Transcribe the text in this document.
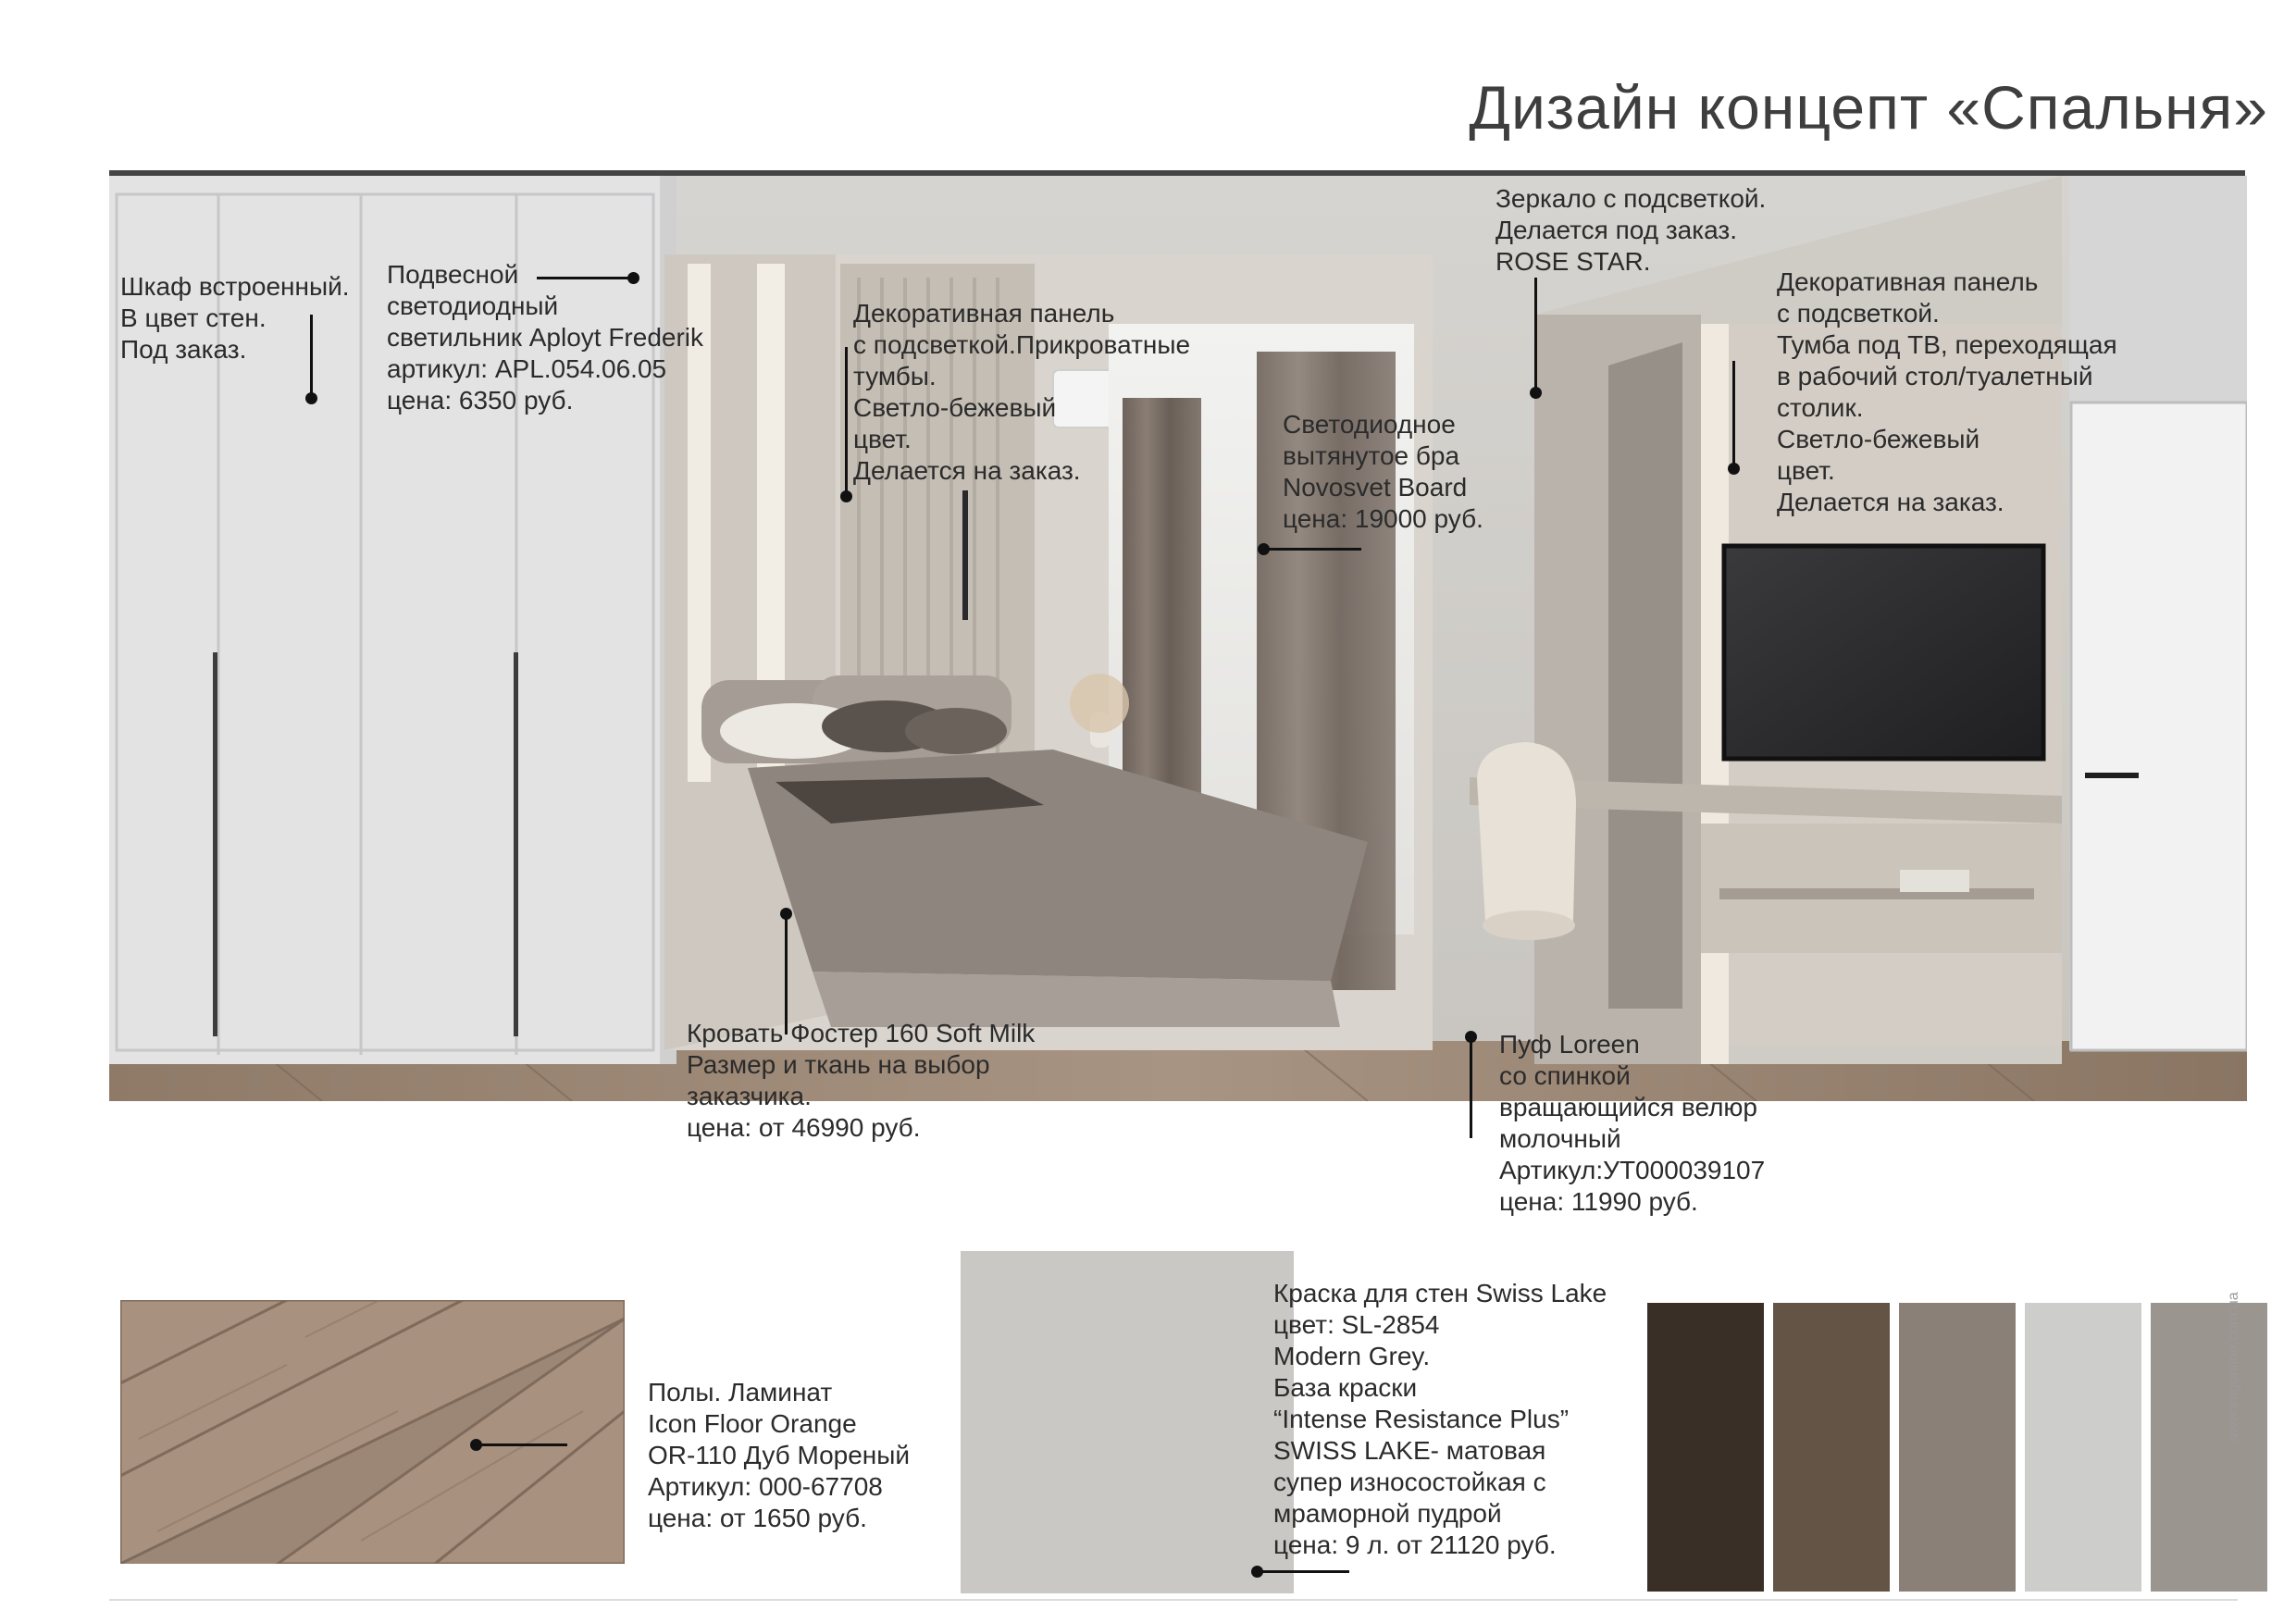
Дизайн концепт «Спальня»
Шкаф встроенный.
В цвет стен.
Под заказ.
Подвесной
светодиодный
светильник Aployt Frederik
артикул: APL.054.06.05
цена: 6350 руб.
Декоративная панель
с подсветкой.Прикроватные
тумбы.
Светло-бежевый
цвет.
Делается на заказ.
Светодиодное
вытянутое бра
Novosvet Board
цена: 19000 руб.
Зеркало с подсветкой.
Делается под заказ.
ROSE STAR.
Декоративная панель
с подсветкой.
Тумба под ТВ, переходящая
в рабочий стол/туалетный
столик.
Светло-бежевый
цвет.
Делается на заказ.
Кровать Фостер 160 Soft Milk
Размер и ткань на выбор
заказчика.
цена: от 46990 руб.
Пуф Loreen
со спинкой
вращающийся велюр
молочный
Артикул:УТ000039107
цена: 11990 руб.
Полы. Ламинат
Icon Floor Orange
OR-110 Дуб Мореный
Артикул: 000-67708
цена: от 1650 руб.
Краска для стен Swiss Lake
цвет: SL-2854
Modern Grey.
База краски
“Intense Resistance Plus”
SWISS LAKE- матовая
супер износостойкая с
мраморной пудрой
цена: 9 л. от 21120 руб.
www.imgonline.com.ua
